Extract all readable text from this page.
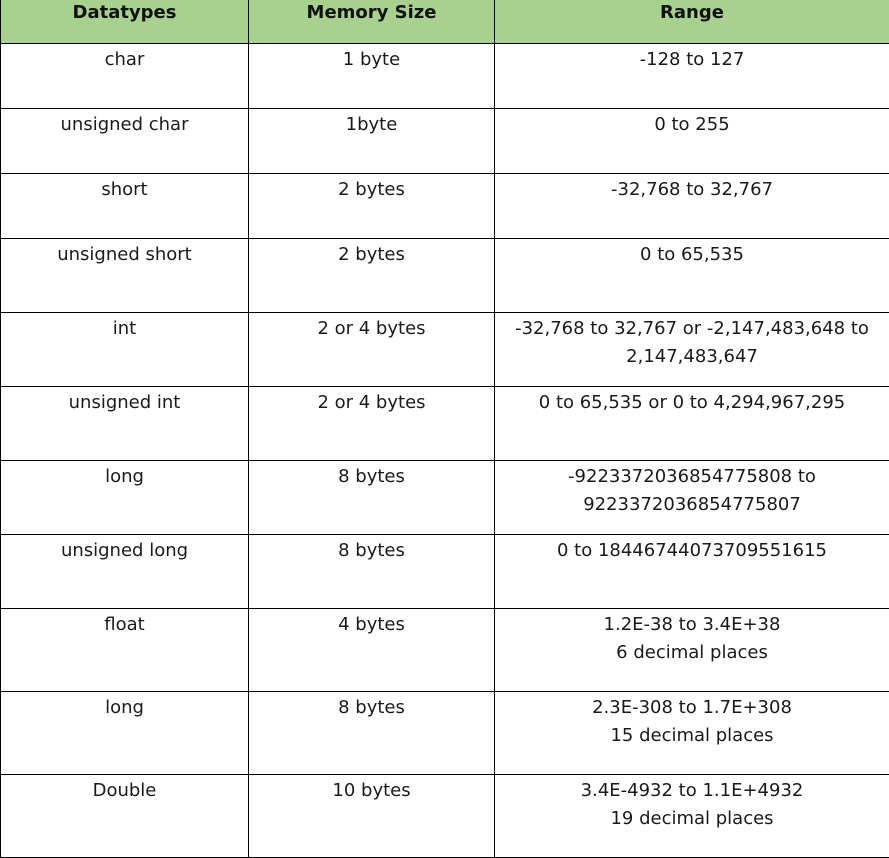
Datatypes	Memory Size	Range
char	1 byte	-128 to 127

unsigned char	1byte	0 to 255

short	2 bytes	-32,768 to 32,767

unsigned short	2 bytes	0 to 65,535

int	2 or 4 bytes	-32,768 to 32,767 or -2,147,483,648 to
2,147,483,647

unsigned int	2 or 4 bytes	0 to 65,535 or 0 to 4,294,967,295

long	8 bytes	-9223372036854775808 to
9223372036854775807

unsigned long	8 bytes	0 to 18446744073709551615

float	4 bytes	1.2E-38 to 3.4E+38
6 decimal places

long	8 bytes	2.3E-308 to 1.7E+308
15 decimal places

Double	10 bytes	3.4E-4932 to 1.1E+4932
19 decimal places
